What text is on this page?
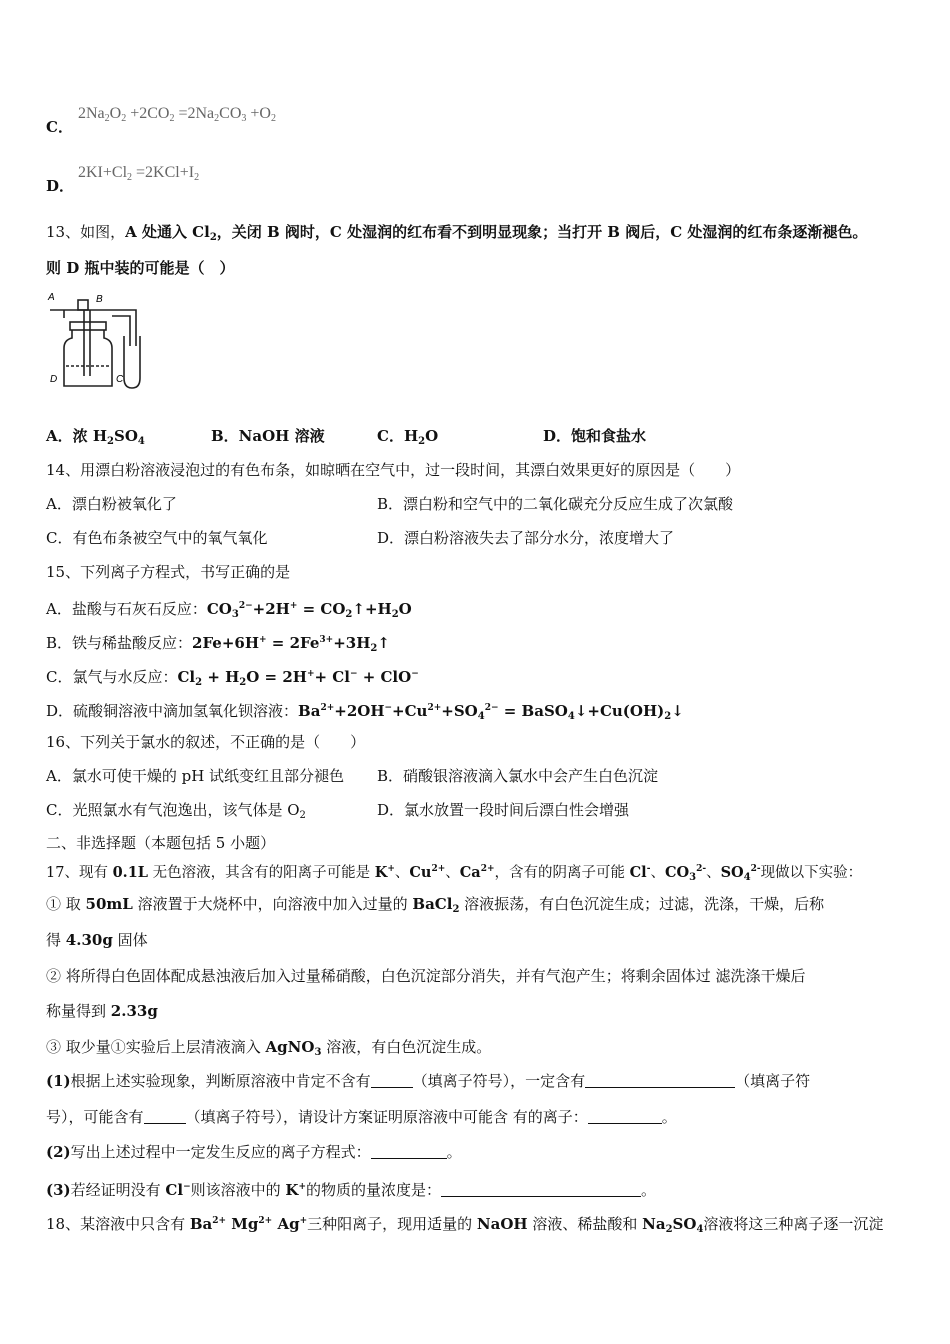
C．
$2Na_2O_2 +2CO_2 =2Na_2CO_3 +O_2$
D．
$2KI+Cl_2 =2KCl+I_2$
13、如图，A 处通入 $Cl_2$，关闭 B 阀时，C 处湿润的红布看不到明显现象；当打开 B 阀后，C 处湿润的红布条逐渐褪色。
则 D 瓶中装的可能是（　）
A	B
D	C
A．浓 $H_2SO_4$	B．NaOH 溶液	C．$H_2O$	D．饱和食盐水
14、用漂白粉溶液浸泡过的有色布条，如晾晒在空气中，过一段时间，其漂白效果更好的原因是（　　）
A．漂白粉被氧化了	B．漂白粉和空气中的二氧化碳充分反应生成了次氯酸
C．有色布条被空气中的氧气氧化	D．漂白粉溶液失去了部分水分，浓度增大了
15、下列离子方程式，书写正确的是
A．盐酸与石灰石反应：$CO_3^{2-}+2H^+$ = $CO_2↑+H_2O$
B．铁与稀盐酸反应：$2Fe+6H^+ = 2Fe^{3+}+3H_2↑$
C．氯气与水反应：$Cl_2 + H_2O = 2H^++ Cl^- + ClO^-$
D．硫酸铜溶液中滴加氢氧化钡溶液：$Ba^{2+}+2OH^-+Cu^{2+}+SO_4^{2-}$ = $BaSO_4↓+Cu(OH)_2↓$
16、下列关于氯水的叙述，不正确的是（　　）
A．氯水可使干燥的 pH 试纸变红且部分褪色 B．硝酸银溶液滴入氯水中会产生白色沉淀
C．光照氯水有气泡逸出，该气体是 $O_2$	D．氯水放置一段时间后漂白性会增强
二、非选择题（本题包括 5 小题）
17、现有 0.1L 无色溶液，其含有的阳离子可能是 K+、$Cu^{2+}$、$Ca^{2+}$，含有的阴离子可能 Cl-、$CO_3^{2-}$、$SO_4^{2-}$现做以下实验：
① 取 50mL 溶液置于大烧杯中，向溶液中加入过量的 BaCl$_2$ 溶液振荡，有白色沉淀生成；过滤，洗涤，干燥，后称
得 4.30g 固体
② 将所得白色固体配成悬浊液后加入过量稀硝酸，白色沉淀部分消失，并有气泡产生；将剩余固体过 滤洗涤干燥后
称量得到 2.33g
③ 取少量①实验后上层清液滴入 AgNO$_3$ 溶液，有白色沉淀生成。
(1)根据上述实验现象，判断原溶液中肯定不含有	（填离子符号），一定含有	（填离子符
号），可能含有	（填离子符号），请设计方案证明原溶液中可能含 有的离子：	。
(2)写出上述过程中一定发生反应的离子方程式：	。
(3)若经证明没有 Cl−则该溶液中的 K+的物质的量浓度是：	。
18、某溶液中只含有 $Ba^{2+}$ $Mg^{2+}$ Ag+三种阳离子，现用适量的 NaOH 溶液、稀盐酸和 $Na_2SO_4$溶液将这三种离子逐一沉淀
